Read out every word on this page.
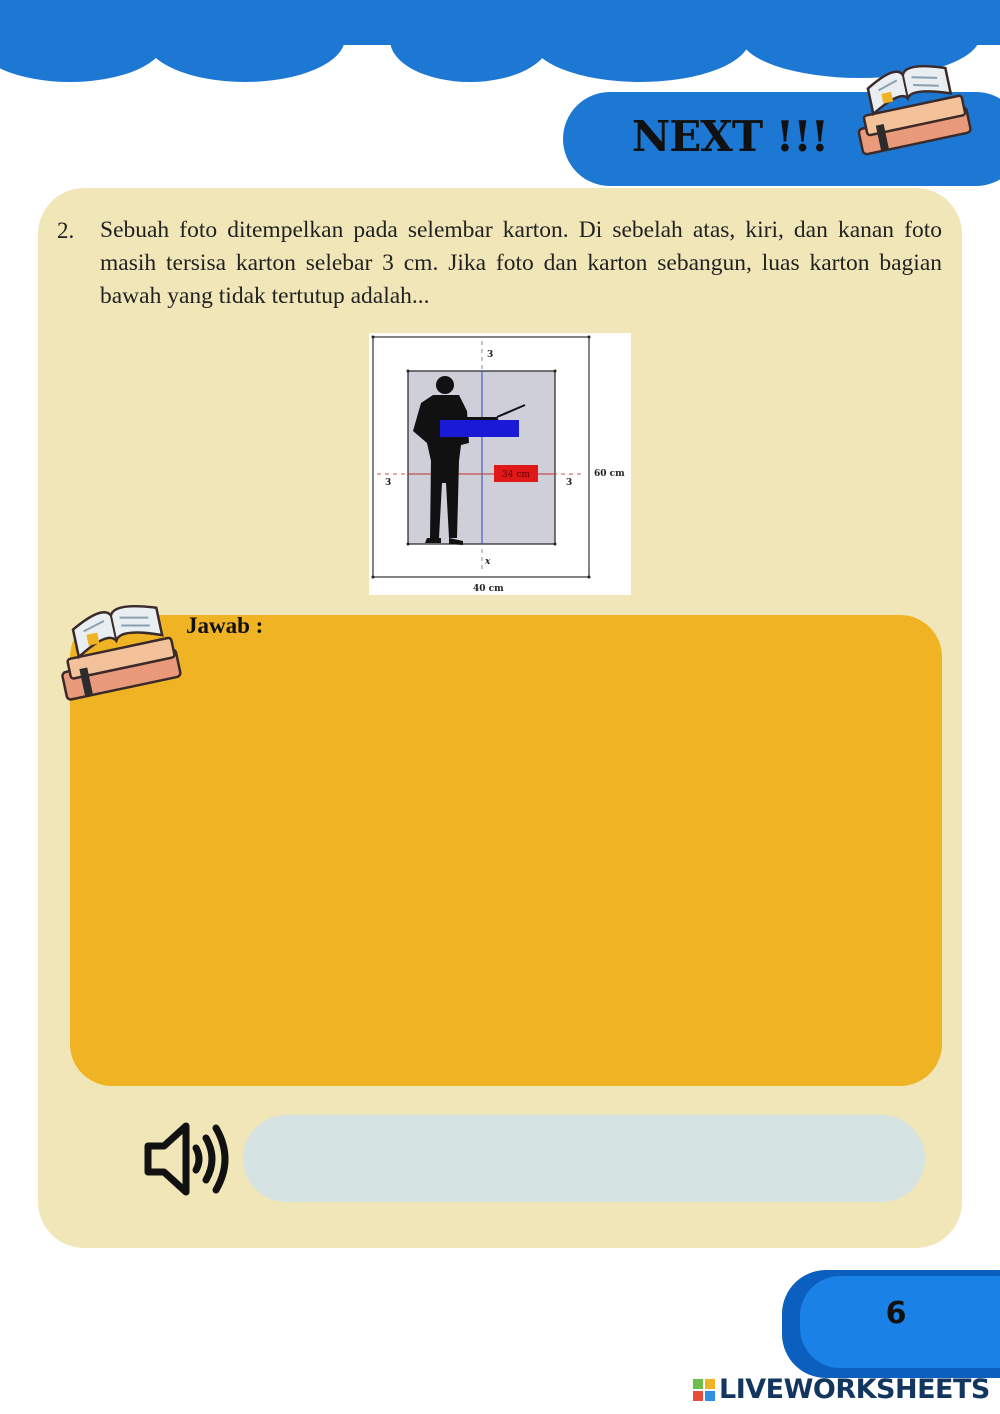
NEXT !!!
2. Sebuah foto ditempelkan pada selembar karton. Di sebelah atas, kiri, dan kanan foto masih tersisa karton selebar 3 cm. Jika foto dan karton sebangun, luas karton bagian bawah yang tidak tertutup adalah...
34 cm
3
3	3
60 cm
x
40 cm
Jawab :
6
LIVEWORKSHEETS
